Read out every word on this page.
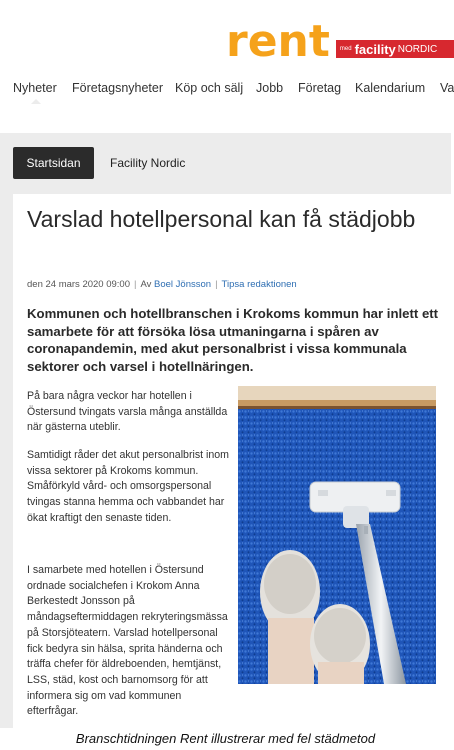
rent med facility NORDIC
Nyheter Företagsnyheter Köp och sälj Jobb Företag Kalendarium Va
Startsidan	Facility Nordic
Varslad hotellpersonal kan få städjobb
den 24 mars 2020 09:00 | Av Boel Jönsson | Tipsa redaktionen

Kommunen och hotellbranschen i Krokoms kommun har inlett ett samarbete för att försöka lösa utmaningarna i spåren av coronapandemin, med akut personalbrist i vissa kommunala sektorer och varsel i hotellnäringen.

På bara några veckor har hotellen i Östersund tvingats varsla många anställda när gästerna uteblir.

Samtidigt råder det akut personalbrist inom vissa sektorer på Krokoms kommun. Småförkyld vård- och omsorgspersonal tvingas stanna hemma och vabbandet har ökat kraftigt den senaste tiden.

I samarbete med hotellen i Östersund ordnade socialchefen i Krokom Anna Berkestedt Jonsson på måndagseftermiddagen rekryteringsmässa på Storsjöteatern. Varslad hotellpersonal fick bedyra sin hälsa, sprita händerna och träffa chefer för äldreboenden, hemtjänst, LSS, städ, kost och barnomsorg för att informera sig om vad kommunen efterfrågar.

Branschtidningen Rent illustrerar med fel städmetod
